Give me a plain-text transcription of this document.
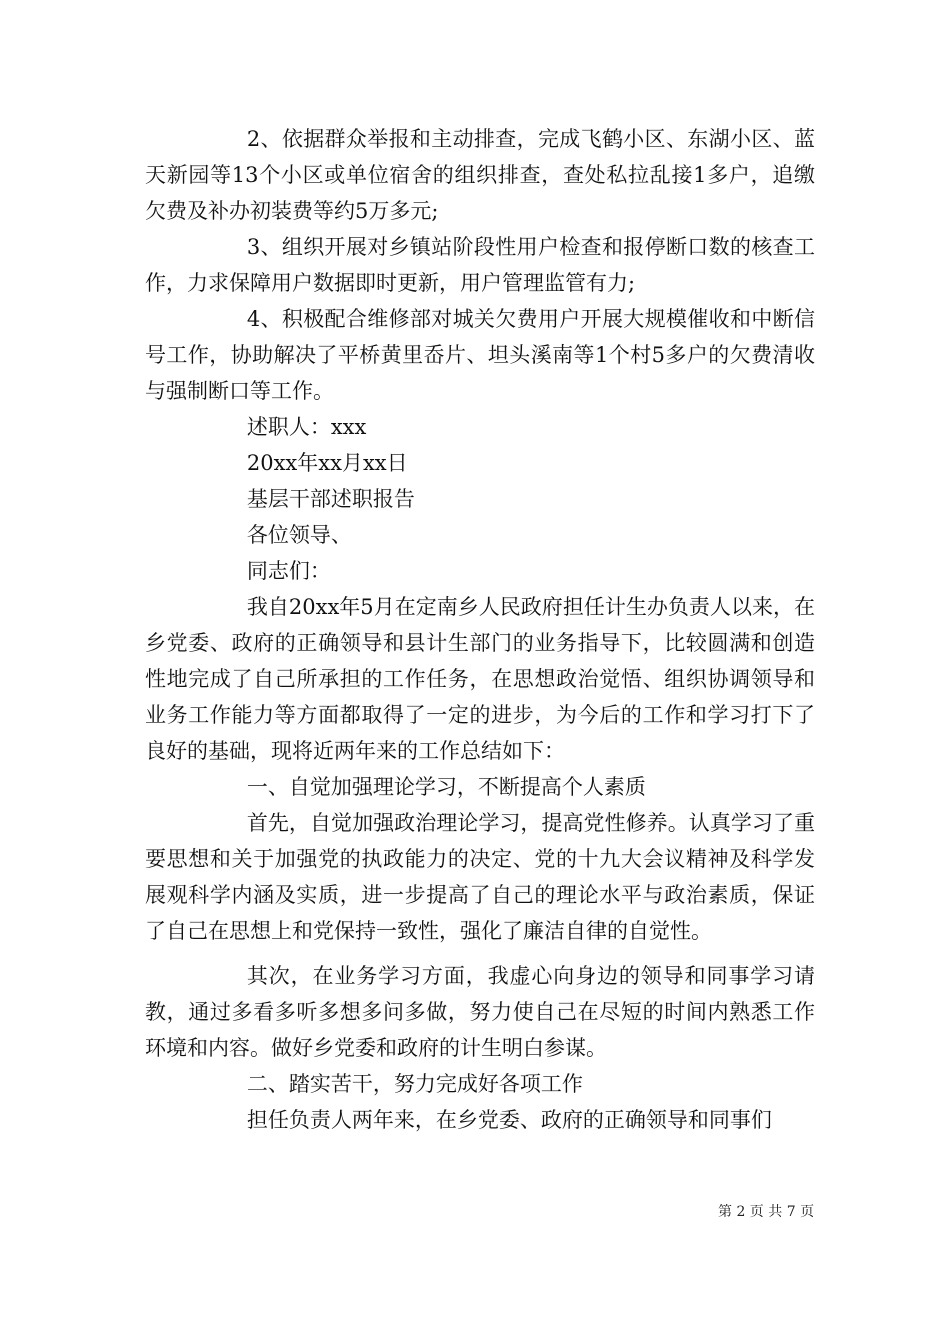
2、依据群众举报和主动排查，完成飞鹤小区、东湖小区、蓝天新园等13个小区或单位宿舍的组织排查，查处私拉乱接1多户，追缴欠费及补办初装费等约5万多元;

3、组织开展对乡镇站阶段性用户检查和报停断口数的核查工作，力求保障用户数据即时更新，用户管理监管有力;

4、积极配合维修部对城关欠费用户开展大规模催收和中断信号工作，协助解决了平桥黄里岙片、坦头溪南等1个村5多户的欠费清收与强制断口等工作。

述职人：xxx

20xx年xx月xx日

基层干部述职报告

各位领导、

同志们：

我自20xx年5月在定南乡人民政府担任计生办负责人以来，在乡党委、政府的正确领导和县计生部门的业务指导下，比较圆满和创造性地完成了自己所承担的工作任务，在思想政治觉悟、组织协调领导和业务工作能力等方面都取得了一定的进步，为今后的工作和学习打下了良好的基础，现将近两年来的工作总结如下：

一、自觉加强理论学习，不断提高个人素质

首先，自觉加强政治理论学习，提高党性修养。认真学习了重要思想和关于加强党的执政能力的决定、党的十九大会议精神及科学发展观科学内涵及实质，进一步提高了自己的理论水平与政治素质，保证了自己在思想上和党保持一致性，强化了廉洁自律的自觉性。

其次，在业务学习方面，我虚心向身边的领导和同事学习请教，通过多看多听多想多问多做，努力使自己在尽短的时间内熟悉工作环境和内容。做好乡党委和政府的计生明白参谋。

二、踏实苦干，努力完成好各项工作

担任负责人两年来，在乡党委、政府的正确领导和同事们

第 2 页 共 7 页
